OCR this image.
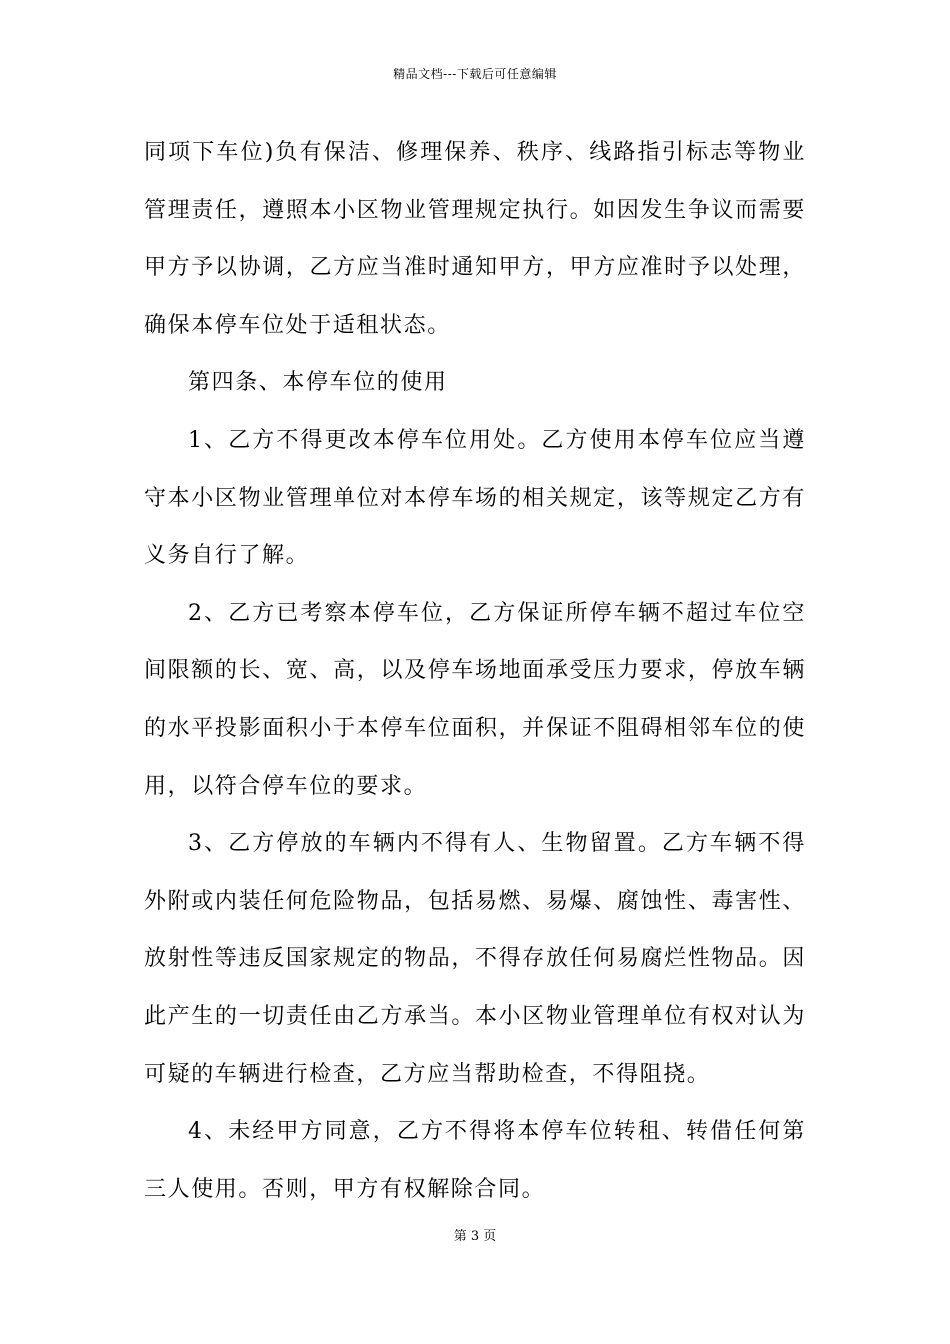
精品文档---下载后可任意编辑

同项下车位)负有保洁、修理保养、秩序、线路指引标志等物业管理责任，遵照本小区物业管理规定执行。如因发生争议而需要甲方予以协调，乙方应当准时通知甲方，甲方应准时予以处理，确保本停车位处于适租状态。

第四条、本停车位的使用

1、乙方不得更改本停车位用处。乙方使用本停车位应当遵守本小区物业管理单位对本停车场的相关规定，该等规定乙方有义务自行了解。

2、乙方已考察本停车位，乙方保证所停车辆不超过车位空间限额的长、宽、高，以及停车场地面承受压力要求，停放车辆的水平投影面积小于本停车位面积，并保证不阻碍相邻车位的使用，以符合停车位的要求。

3、乙方停放的车辆内不得有人、生物留置。乙方车辆不得外附或内装任何危险物品，包括易燃、易爆、腐蚀性、毒害性、放射性等违反国家规定的物品，不得存放任何易腐烂性物品。因此产生的一切责任由乙方承当。本小区物业管理单位有权对认为可疑的车辆进行检查，乙方应当帮助检查，不得阻挠。

4、未经甲方同意，乙方不得将本停车位转租、转借任何第三人使用。否则，甲方有权解除合同。

第 3 页
